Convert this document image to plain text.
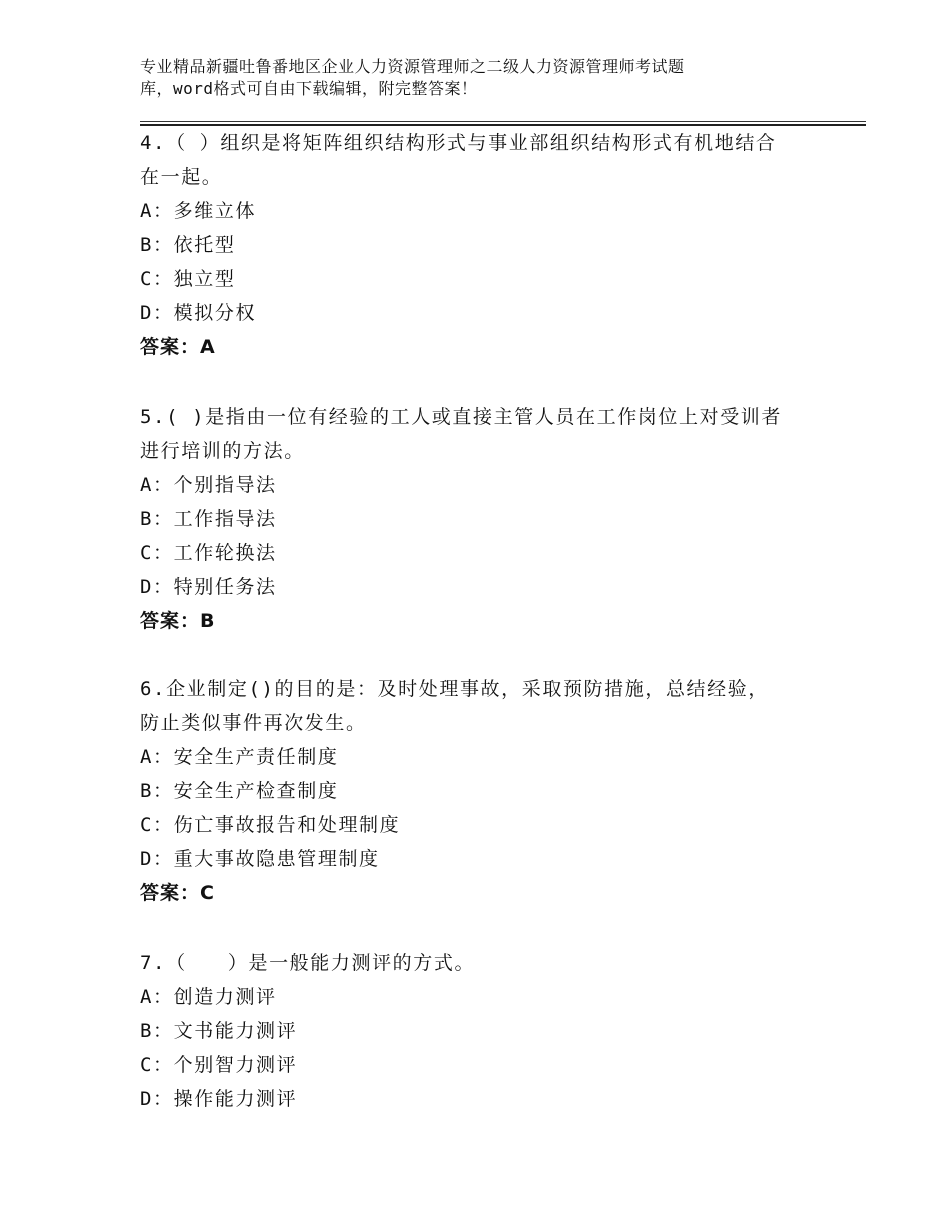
专业精品新疆吐鲁番地区企业人力资源管理师之二级人力资源管理师考试题
库，word格式可自由下载编辑，附完整答案！
4.（ ）组织是将矩阵组织结构形式与事业部组织结构形式有机地结合
在一起。
A：多维立体
B：依托型
C：独立型
D：模拟分权
答案：A
5.( )是指由一位有经验的工人或直接主管人员在工作岗位上对受训者
进行培训的方法。
A：个别指导法
B：工作指导法
C：工作轮换法
D：特别任务法
答案：B
6.企业制定()的目的是：及时处理事故，采取预防措施，总结经验，
防止类似事件再次发生。
A：安全生产责任制度
B：安全生产检查制度
C：伤亡事故报告和处理制度
D：重大事故隐患管理制度
答案：C
7.（　　）是一般能力测评的方式。
A：创造力测评
B：文书能力测评
C：个别智力测评
D：操作能力测评
